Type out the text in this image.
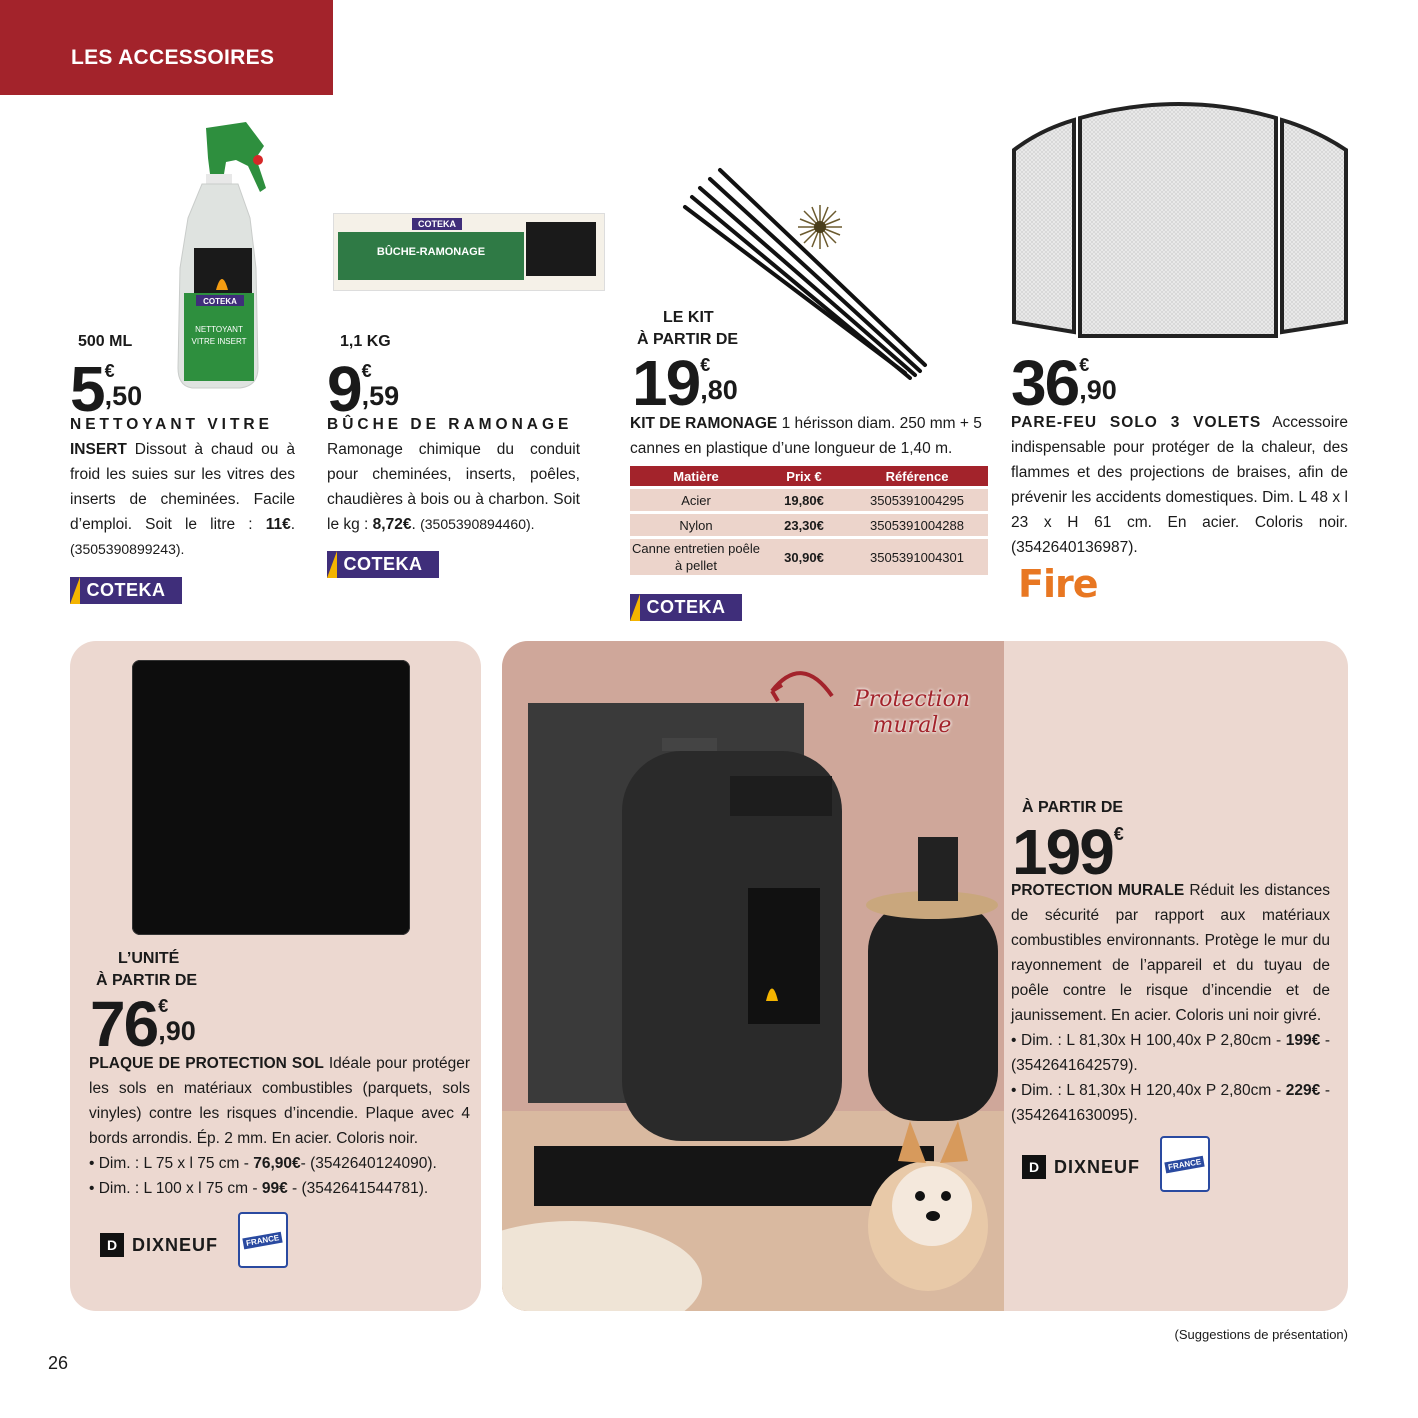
LES ACCESSOIRES
COTEKA
NETTOYANT
VITRE INSERT
500 ML
5 €
,50
NETTOYANT VITRE
INSERT Dissout à chaud ou à froid les suies sur les vitres des inserts de cheminées. Facile d’emploi. Soit le litre : 11€. (3505390899243).
COTEKA
COTEKA
BÛCHE-RAMONAGE
1,1 KG
9 €
,59
BÛCHE DE RAMONAGE
Ramonage chimique du conduit pour cheminées, inserts, poêles, chaudières à bois ou à charbon. Soit le kg : 8,72€. (3505390894460).
COTEKA
LE KIT
À PARTIR DE
19 €
,80
KIT DE RAMONAGE 1 hérisson diam. 250 mm + 5 cannes en plastique d’une longueur de 1,40 m.
Matière	Prix €	Référence
Acier	19,80€	3505391004295
Nylon	23,30€	3505391004288
Canne entretien poêle à pellet	30,90€	3505391004301
COTEKA
36 €
,90
PARE-FEU SOLO 3 VOLETS Accessoire indispensable pour protéger de la chaleur, des flammes et des projections de braises, afin de prévenir les accidents domestiques. Dim. L 48 x l 23 x H 61 cm. En acier. Coloris noir. (3542640136987).
Fire
L’UNITÉ
À PARTIR DE
76 €
,90
PLAQUE DE PROTECTION SOL Idéale pour protéger les sols en matériaux combustibles (parquets, sols vinyles) contre les risques d’incendie. Plaque avec 4 bords arrondis. Ép. 2 mm. En acier. Coloris noir.
• Dim. : L 75 x l 75 cm - 76,90€- (3542640124090).
• Dim. : L 100 x l 75 cm - 99€ - (3542641544781).
D DIXNEUF	FRANCE
Protection
murale
À PARTIR DE
199 €
PROTECTION MURALE Réduit les distances de sécurité par rapport aux matériaux combustibles environnants. Protège le mur du rayonnement de l’appareil et du tuyau de poêle contre le risque d’incendie et de jaunissement. En acier. Coloris uni noir givré.
• Dim. : L 81,30x H 100,40x P 2,80cm - 199€ - (3542641642579).
• Dim. : L 81,30x H 120,40x P 2,80cm - 229€ - (3542641630095).
D DIXNEUF	FRANCE
(Suggestions de présentation)
26
